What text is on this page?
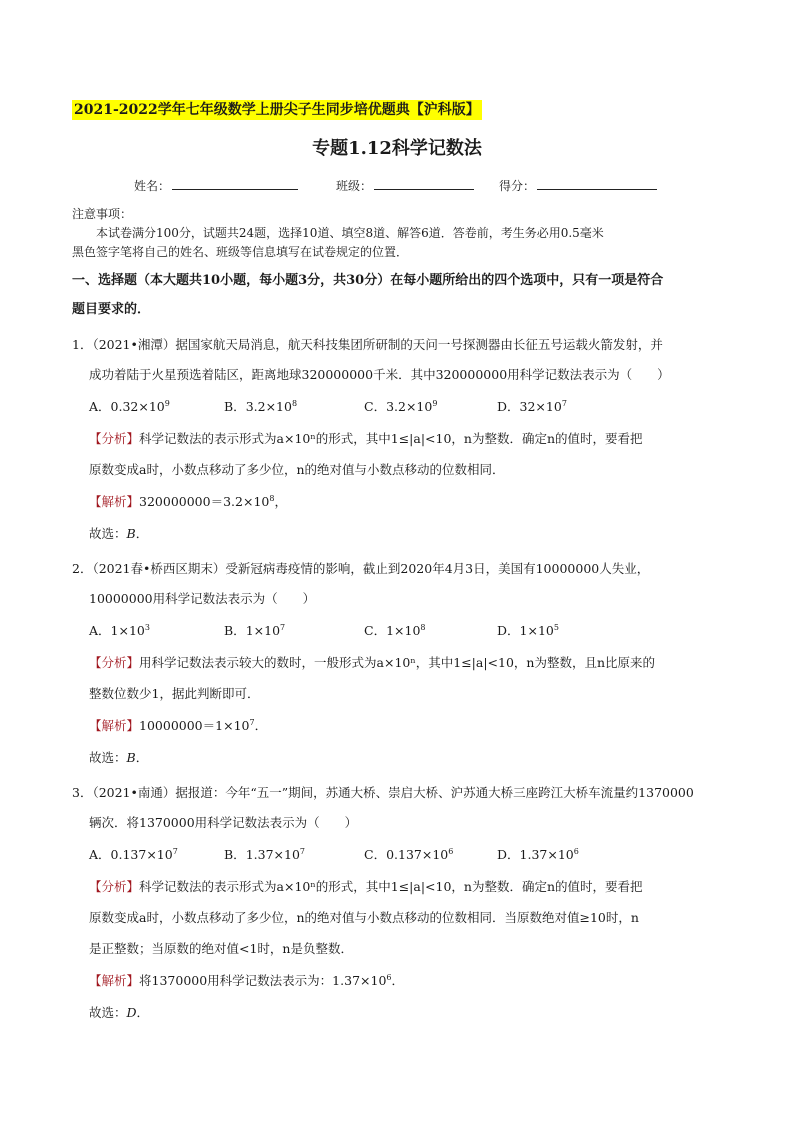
2021-2022学年七年级数学上册尖子生同步培优题典【沪科版】
专题1.12科学记数法
姓名：	班级：	得分：
注意事项：
本试卷满分100分，试题共24题，选择10道、填空8道、解答6道．答卷前，考生务必用0.5毫米
黑色签字笔将自己的姓名、班级等信息填写在试卷规定的位置．
一、选择题（本大题共10小题，每小题3分，共30分）在每小题所给出的四个选项中，只有一项是符合
题目要求的．
1．（2021•湘潭）据国家航天局消息，航天科技集团所研制的天问一号探测器由长征五号运载火箭发射，并
成功着陆于火星预选着陆区，距离地球320000000千米．其中320000000用科学记数法表示为（　　）
A．$0.32\times 10^9$	B．$3.2\times 10^8$	C．$3.2\times 10^9$	D．$32\times 10^7$
【分析】科学记数法的表示形式为a×10ⁿ的形式，其中1≤|a|<10，n为整数．确定n的值时，要看把
原数变成a时，小数点移动了多少位，n的绝对值与小数点移动的位数相同．
【解析】$320000000=3.2\times 10^8$，
故选：B．
2．（2021春•桥西区期末）受新冠病毒疫情的影响，截止到2020年4月3日，美国有10000000人失业，
10000000用科学记数法表示为（　　）
A．$1\times 10^3$	B．$1\times 10^7$	C．$1\times 10^8$	D．$1\times 10^5$
【分析】用科学记数法表示较大的数时，一般形式为a×10ⁿ，其中1≤|a|<10，n为整数，且n比原来的
整数位数少1，据此判断即可．
【解析】$10000000=1\times 10^7$．
故选：B．
3．（2021•南通）据报道：今年“五一”期间，苏通大桥、崇启大桥、沪苏通大桥三座跨江大桥车流量约1370000
辆次．将1370000用科学记数法表示为（　　）
A．$0.137\times 10^7$	B．$1.37\times 10^7$	C．$0.137\times 10^6$	D．$1.37\times 10^6$
【分析】科学记数法的表示形式为a×10ⁿ的形式，其中1≤|a|<10，n为整数．确定n的值时，要看把
原数变成a时，小数点移动了多少位，n的绝对值与小数点移动的位数相同．当原数绝对值≥10时，n
是正整数；当原数的绝对值<1时，n是负整数．
【解析】将1370000用科学记数法表示为：$1.37\times 10^6$．
故选：D．
